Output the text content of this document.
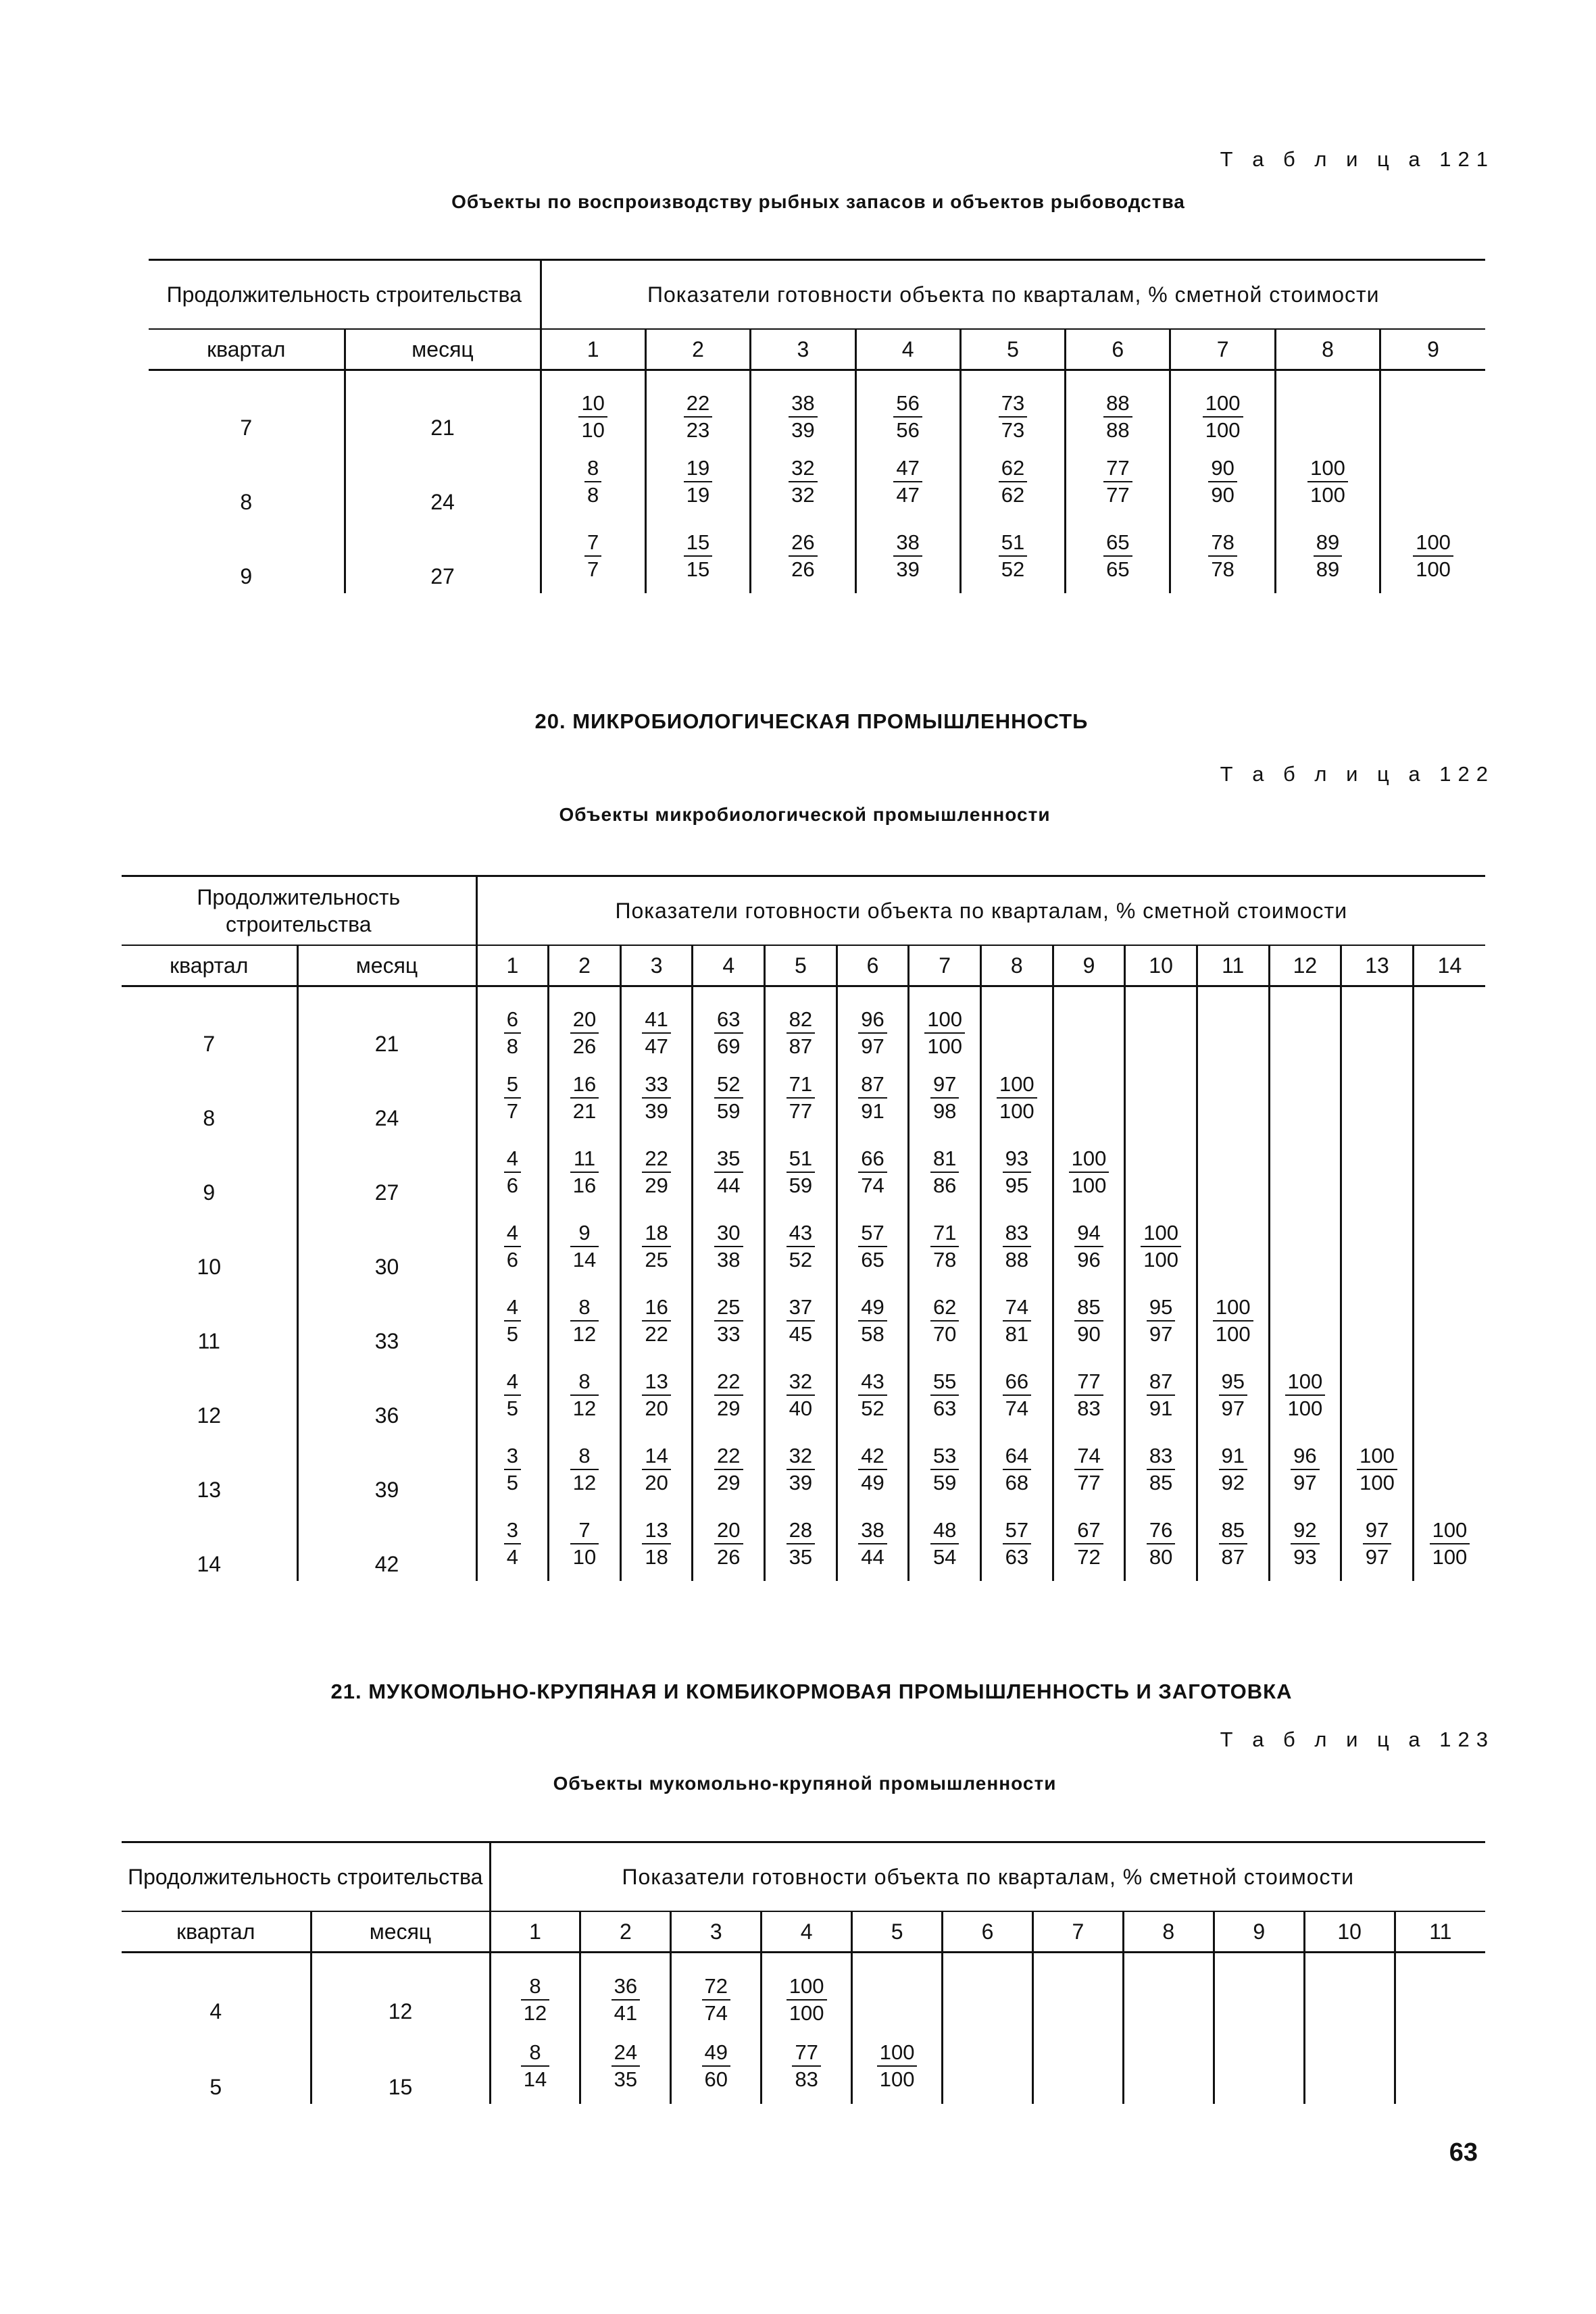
Т а б л и ц а 121
Объекты по воспроизводству рыбных запасов и объектов рыбоводства
Продолжительность строительства		Показатели готовности объекта по кварталам, % сметной стоимости								
квартал	месяц	1	2	3	4	5	6	7	8	9
7	21	$\frac{10}{10}$	$\frac{22}{23}$	$\frac{38}{39}$	$\frac{56}{56}$	$\frac{73}{73}$	$\frac{88}{88}$	$\frac{100}{100}$

8	24	$\frac{8}{8}$	$\frac{19}{19}$	$\frac{32}{32}$	$\frac{47}{47}$	$\frac{62}{62}$	$\frac{77}{77}$	$\frac{90}{90}$	$\frac{100}{100}$

9	27	$\frac{7}{7}$	$\frac{15}{15}$	$\frac{26}{26}$	$\frac{38}{39}$	$\frac{51}{52}$	$\frac{65}{65}$	$\frac{78}{78}$	$\frac{89}{89}$	$\frac{100}{100}$
20. МИКРОБИОЛОГИЧЕСКАЯ ПРОМЫШЛЕННОСТЬ
Т а б л и ц а 122
Объекты микробиологической промышленности
Продолжительность строительства		Показатели готовности объекта по кварталам, % сметной стоимости													
квартал	месяц	1	2	3	4	5	6	7	8	9	10	11	12	13	14
7	21	$\frac{6}{8}$	$\frac{20}{26}$	$\frac{41}{47}$	$\frac{63}{69}$	$\frac{82}{87}$	$\frac{96}{97}$	$\frac{100}{100}$

8	24	$\frac{5}{7}$	$\frac{16}{21}$	$\frac{33}{39}$	$\frac{52}{59}$	$\frac{71}{77}$	$\frac{87}{91}$	$\frac{97}{98}$	$\frac{100}{100}$

9	27	$\frac{4}{6}$	$\frac{11}{16}$	$\frac{22}{29}$	$\frac{35}{44}$	$\frac{51}{59}$	$\frac{66}{74}$	$\frac{81}{86}$	$\frac{93}{95}$	$\frac{100}{100}$

10	30	$\frac{4}{6}$	$\frac{9}{14}$	$\frac{18}{25}$	$\frac{30}{38}$	$\frac{43}{52}$	$\frac{57}{65}$	$\frac{71}{78}$	$\frac{83}{88}$	$\frac{94}{96}$	$\frac{100}{100}$

11	33	$\frac{4}{5}$	$\frac{8}{12}$	$\frac{16}{22}$	$\frac{25}{33}$	$\frac{37}{45}$	$\frac{49}{58}$	$\frac{62}{70}$	$\frac{74}{81}$	$\frac{85}{90}$	$\frac{95}{97}$	$\frac{100}{100}$

12	36	$\frac{4}{5}$	$\frac{8}{12}$	$\frac{13}{20}$	$\frac{22}{29}$	$\frac{32}{40}$	$\frac{43}{52}$	$\frac{55}{63}$	$\frac{66}{74}$	$\frac{77}{83}$	$\frac{87}{91}$	$\frac{95}{97}$	$\frac{100}{100}$

13	39	$\frac{3}{5}$	$\frac{8}{12}$	$\frac{14}{20}$	$\frac{22}{29}$	$\frac{32}{39}$	$\frac{42}{49}$	$\frac{53}{59}$	$\frac{64}{68}$	$\frac{74}{77}$	$\frac{83}{85}$	$\frac{91}{92}$	$\frac{96}{97}$	$\frac{100}{100}$

14	42	$\frac{3}{4}$	$\frac{7}{10}$	$\frac{13}{18}$	$\frac{20}{26}$	$\frac{28}{35}$	$\frac{38}{44}$	$\frac{48}{54}$	$\frac{57}{63}$	$\frac{67}{72}$	$\frac{76}{80}$	$\frac{85}{87}$	$\frac{92}{93}$	$\frac{97}{97}$	$\frac{100}{100}$
21. МУКОМОЛЬНО-КРУПЯНАЯ И КОМБИКОРМОВАЯ ПРОМЫШЛЕННОСТЬ И ЗАГОТОВКА
Т а б л и ц а 123
Объекты мукомольно-крупяной промышленности
Продолжительность строительства		Показатели готовности объекта по кварталам, % сметной стоимости										
квартал	месяц	1	2	3	4	5	6	7	8	9	10	11
4	12	$\frac{8}{12}$	$\frac{36}{41}$	$\frac{72}{74}$	$\frac{100}{100}$

5	15	$\frac{8}{14}$	$\frac{24}{35}$	$\frac{49}{60}$	$\frac{77}{83}$	$\frac{100}{100}$

63
